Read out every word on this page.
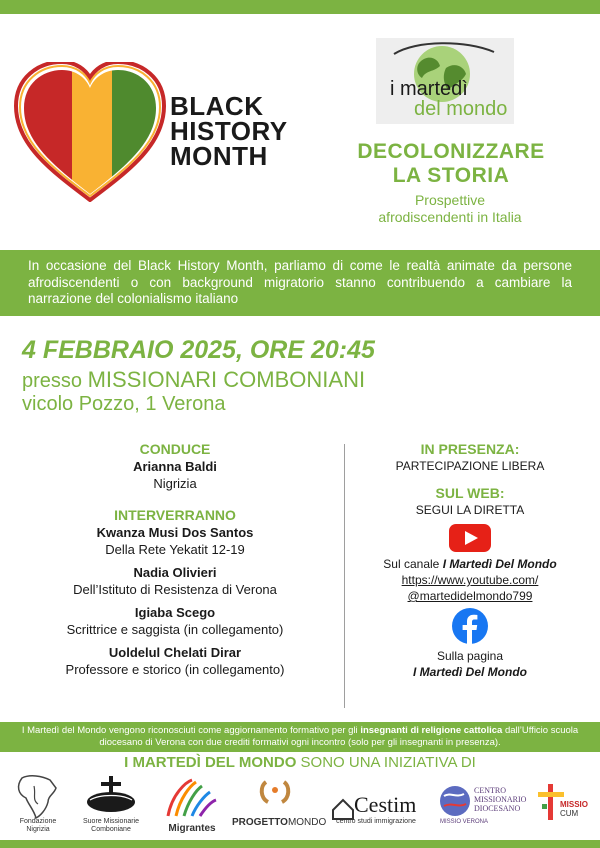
BLACK
HISTORY
MONTH
i martedì
del mondo
DECOLONIZZARE
LA STORIA
Prospettive
afrodiscendenti in Italia

In occasione del Black History Month, parliamo di come le realtà animate da persone afrodiscendenti o con background migratorio stanno contribuendo a cambiare la narrazione del colonialismo italiano

4 FEBBRAIO 2025, ORE 20:45
presso MISSIONARI COMBONIANI
vicolo Pozzo, 1 Verona
CONDUCE
Arianna Baldi
Nigrizia
INTERVERRANNO
Kwanza Musi Dos Santos
Della Rete Yekatit 12-19
Nadia Olivieri
Dell’Istituto di Resistenza di Verona
Igiaba Scego
Scrittrice e saggista (in collegamento)
Uoldelul Chelati Dirar
Professore e storico (in collegamento)
IN PRESENZA:
PARTECIPAZIONE LIBERA
SUL WEB:
SEGUI LA DIRETTA
Sul canale I Martedì Del Mondo
https://www.youtube.com/
@martedidelmondo799
Sulla pagina
I Martedì Del Mondo

I Martedì del Mondo vengono riconosciuti come aggiornamento formativo per gli insegnanti di religione cattolica dall’Ufficio scuola diocesano di Verona con due crediti formativi ogni incontro (solo per gli insegnanti in presenza).

I MARTEDÌ DEL MONDO SONO UNA INIZIATIVA DI
Fondazione Nigrizia
Suore Missionarie Comboniane	Migrantes
PROGETTOMONDO
Cestim
centro studi immigrazione
CENTRO
MISSIONARIO
DIOCESANO
MISSIO VERONA
MISSIO
CUM
